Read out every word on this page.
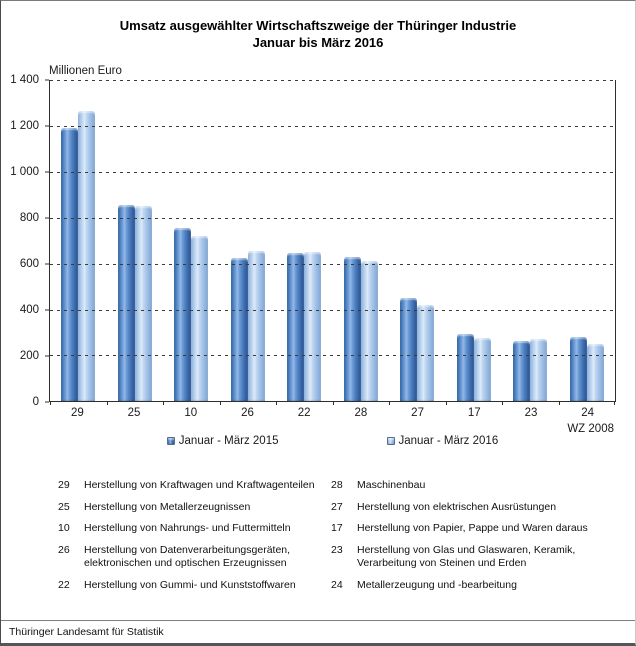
Umsatz ausgewählter Wirtschaftszweige der Thüringer Industrie
Januar bis März 2016
Millionen Euro
0
200
400
600
800
1 000
1 200
1 400
29	25	10	26	22	28	27	17	23	24
WZ 2008
Januar - März 2015	Januar - März 2016
29	Herstellung von Kraftwagen und Kraftwagenteilen
25	Herstellung von Metallerzeugnissen
10	Herstellung von Nahrungs- und Futtermitteln
26	Herstellung von Datenverarbeitungsgeräten, elektronischen und optischen Erzeugnissen
22	Herstellung von Gummi- und Kunststoffwaren
28	Maschinenbau
27	Herstellung von elektrischen Ausrüstungen
17	Herstellung von Papier, Pappe und Waren daraus
23	Herstellung von Glas und Glaswaren, Keramik, Verarbeitung von Steinen und Erden
24	Metallerzeugung und -bearbeitung
Thüringer Landesamt für Statistik
